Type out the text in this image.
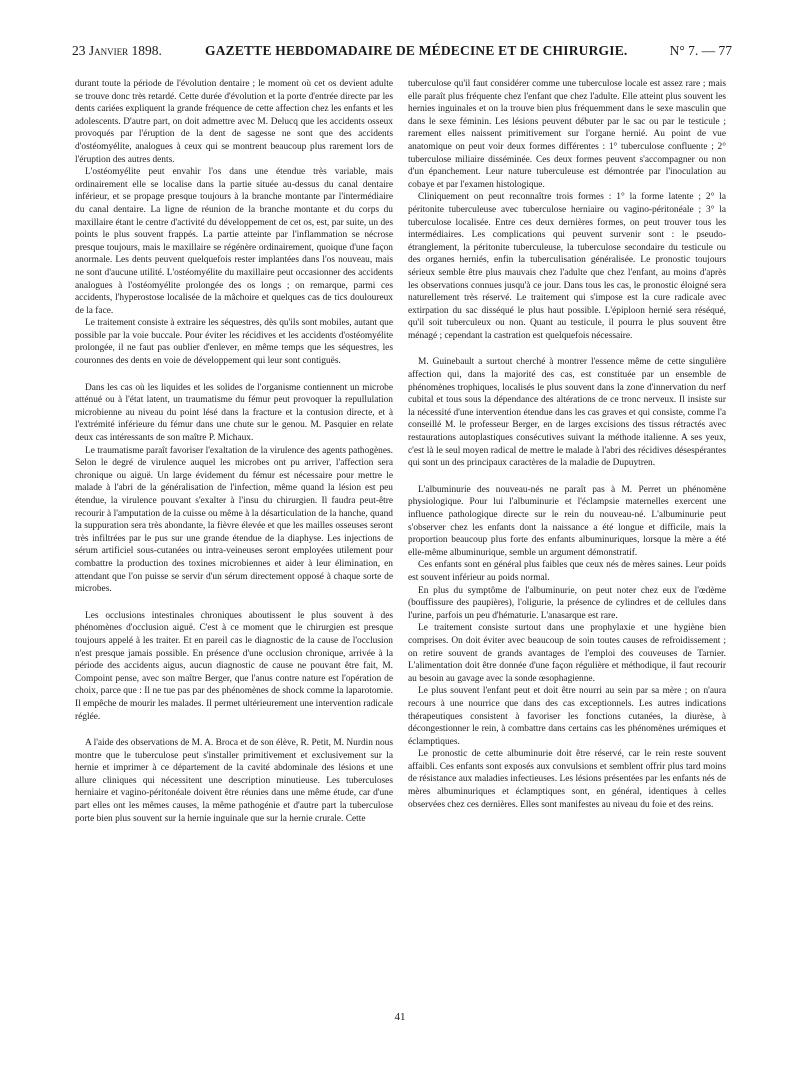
23 Janvier 1898.	GAZETTE HEBDOMADAIRE DE MÉDECINE ET DE CHIRURGIE.	N° 7. — 77

durant toute la période de l'évolution dentaire ; le moment où cet os devient adulte se trouve donc très retardé. Cette durée d'évolution et la porte d'entrée directe par les dents cariées expliquent la grande fréquence de cette affection chez les enfants et les adolescents. D'autre part, on doit admettre avec M. Delucq que les accidents osseux provoqués par l'éruption de la dent de sagesse ne sont que des accidents d'ostéomyélite, analogues à ceux qui se montrent beaucoup plus rarement lors de l'éruption des autres dents.

L'ostéomyélite peut envahir l'os dans une étendue très variable, mais ordinairement elle se localise dans la partie située au-dessus du canal dentaire inférieur, et se propage presque toujours à la branche montante par l'intermédiaire du canal dentaire. La ligne de réunion de la branche montante et du corps du maxillaire étant le centre d'activité du développement de cet os, est, par suite, un des points le plus souvent frappés. La partie atteinte par l'inflammation se nécrose presque toujours, mais le maxillaire se régénère ordinairement, quoique d'une façon anormale. Les dents peuvent quelquefois rester implantées dans l'os nouveau, mais ne sont d'aucune utilité. L'ostéomyélite du maxillaire peut occasionner des accidents analogues à l'ostéomyélite prolongée des os longs ; on remarque, parmi ces accidents, l'hyperostose localisée de la mâchoire et quelques cas de tics douloureux de la face.

Le traitement consiste à extraire les séquestres, dès qu'ils sont mobiles, autant que possible par la voie buccale. Pour éviter les récidives et les accidents d'ostéomyélite prolongée, il ne faut pas oublier d'enlever, en même temps que les séquestres, les couronnes des dents en voie de développement qui leur sont contiguës.

Dans les cas où les liquides et les solides de l'organisme contiennent un microbe atténué ou à l'état latent, un traumatisme du fémur peut provoquer la repullulation microbienne au niveau du point lésé dans la fracture et la contusion directe, et à l'extrémité inférieure du fémur dans une chute sur le genou. M. Pasquier en relate deux cas intéressants de son maître P. Michaux.

Le traumatisme paraît favoriser l'exaltation de la virulence des agents pathogènes. Selon le degré de virulence auquel les microbes ont pu arriver, l'affection sera chronique ou aiguë. Un large évidement du fémur est nécessaire pour mettre le malade à l'abri de la généralisation de l'infection, même quand la lésion est peu étendue, la virulence pouvant s'exalter à l'insu du chirurgien. Il faudra peut-être recourir à l'amputation de la cuisse ou même à la désarticulation de la hanche, quand la suppuration sera très abondante, la fièvre élevée et que les mailles osseuses seront très infiltrées par le pus sur une grande étendue de la diaphyse. Les injections de sérum artificiel sous-cutanées ou intra-veineuses seront employées utilement pour combattre la production des toxines microbiennes et aider à leur élimination, en attendant que l'on puisse se servir d'un sérum directement opposé à chaque sorte de microbes.

Les occlusions intestinales chroniques aboutissent le plus souvent à des phénomènes d'occlusion aiguë. C'est à ce moment que le chirurgien est presque toujours appelé à les traiter. Et en pareil cas le diagnostic de la cause de l'occlusion n'est presque jamais possible. En présence d'une occlusion chronique, arrivée à la période des accidents aigus, aucun diagnostic de cause ne pouvant être fait, M. Compoint pense, avec son maître Berger, que l'anus contre nature est l'opération de choix, parce que : Il ne tue pas par des phénomènes de shock comme la laparotomie. Il empêche de mourir les malades. Il permet ultérieurement une intervention radicale réglée.

A l'aide des observations de M. A. Broca et de son élève, R. Petit, M. Nurdin nous montre que le tuberculose peut s'installer primitivement et exclusivement sur la hernie et imprimer à ce département de la cavité abdominale des lésions et une allure cliniques qui nécessitent une description minutieuse. Les tuberculoses herniaire et vagino-péritonéale doivent être réunies dans une même étude, car d'une part elles ont les mêmes causes, la même pathogénie et d'autre part la tuberculose porte bien plus souvent sur la hernie inguinale que sur la hernie crurale. Cette

tuberculose qu'il faut considérer comme une tuberculose locale est assez rare ; mais elle paraît plus fréquente chez l'enfant que chez l'adulte. Elle atteint plus souvent les hernies inguinales et on la trouve bien plus fréquemment dans le sexe masculin que dans le sexe féminin. Les lésions peuvent débuter par le sac ou par le testicule ; rarement elles naissent primitivement sur l'organe hernié. Au point de vue anatomique on peut voir deux formes différentes : 1° tuberculose confluente ; 2° tuberculose miliaire disséminée. Ces deux formes peuvent s'accompagner ou non d'un épanchement. Leur nature tuberculeuse est démontrée par l'inoculation au cobaye et par l'examen histologique.

Cliniquement on peut reconnaître trois formes : 1° la forme latente ; 2° la péritonite tuberculeuse avec tuberculose herniaire ou vagino-péritonéale ; 3° la tuberculose localisée. Entre ces deux dernières formes, on peut trouver tous les intermédiaires. Les complications qui peuvent survenir sont : le pseudo-étranglement, la péritonite tuberculeuse, la tuberculose secondaire du testicule ou des organes herniés, enfin la tuberculisation généralisée. Le pronostic toujours sérieux semble être plus mauvais chez l'adulte que chez l'enfant, au moins d'après les observations connues jusqu'à ce jour. Dans tous les cas, le pronostic éloigné sera naturellement très réservé. Le traitement qui s'impose est la cure radicale avec extirpation du sac disséqué le plus haut possible. L'épiploon hernié sera réséqué, qu'il soit tuberculeux ou non. Quant au testicule, il pourra le plus souvent être ménagé ; cependant la castration est quelquefois nécessaire.

M. Guinebault a surtout cherché à montrer l'essence même de cette singulière affection qui, dans la majorité des cas, est constituée par un ensemble de phénomènes trophiques, localisés le plus souvent dans la zone d'innervation du nerf cubital et tous sous la dépendance des altérations de ce tronc nerveux. Il insiste sur la nécessité d'une intervention étendue dans les cas graves et qui consiste, comme l'a conseillé M. le professeur Berger, en de larges excisions des tissus rétractés avec restaurations autoplastiques consécutives suivant la méthode italienne. A ses yeux, c'est là le seul moyen radical de mettre le malade à l'abri des récidives désespérantes qui sont un des principaux caractères de la maladie de Dupuytren.

L'albuminurie des nouveau-nés ne paraît pas à M. Perret un phénomène physiologique. Pour lui l'albuminurie et l'éclampsie maternelles exercent une influence pathologique directe sur le rein du nouveau-né. L'albuminurie peut s'observer chez les enfants dont la naissance a été longue et difficile, mais la proportion beaucoup plus forte des enfants albuminuriques, lorsque la mère a été elle-même albuminurique, semble un argument démonstratif.

Ces enfants sont en général plus faibles que ceux nés de mères saines. Leur poids est souvent inférieur au poids normal.

En plus du symptôme de l'albuminurie, on peut noter chez eux de l'œdème (bouffissure des paupières), l'oligurie, la présence de cylindres et de cellules dans l'urine, parfois un peu d'hématurie. L'anasarque est rare.

Le traitement consiste surtout dans une prophylaxie et une hygiène bien comprises. On doit éviter avec beaucoup de soin toutes causes de refroidissement ; on retire souvent de grands avantages de l'emploi des couveuses de Tarnier. L'alimentation doit être donnée d'une façon régulière et méthodique, il faut recourir au besoin au gavage avec la sonde œsophagienne.

Le plus souvent l'enfant peut et doit être nourri au sein par sa mère ; on n'aura recours à une nourrice que dans des cas exceptionnels. Les autres indications thérapeutiques consistent à favoriser les fonctions cutanées, la diurèse, à décongestionner le rein, à combattre dans certains cas les phénomènes urémiques et éclamptiques.

Le pronostic de cette albuminurie doit être réservé, car le rein reste souvent affaibli. Ces enfants sont exposés aux convulsions et semblent offrir plus tard moins de résistance aux maladies infectieuses. Les lésions présentées par les enfants nés de mères albuminuriques et éclamptiques sont, en général, identiques à celles observées chez ces dernières. Elles sont manifestes au niveau du foie et des reins.

41
